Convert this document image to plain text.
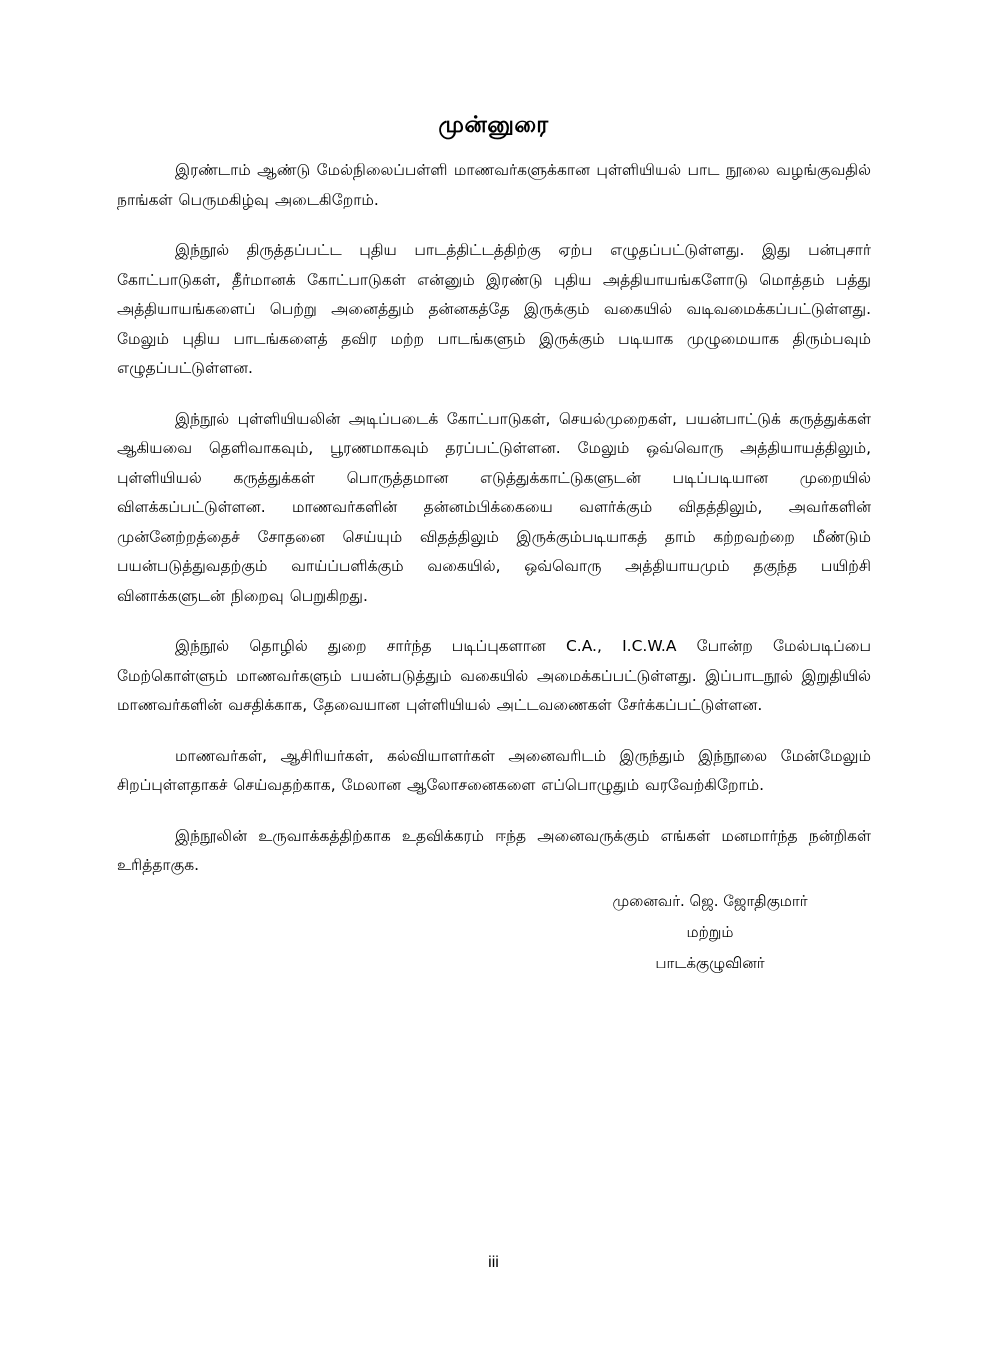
முன்னுரை

இரண்டாம் ஆண்டு மேல்நிலைப்பள்ளி மாணவர்களுக்கான புள்ளியியல் பாட நூலை வழங்குவதில் நாங்கள் பெருமகிழ்வு அடைகிறோம்.

இந்நூல் திருத்தப்பட்ட புதிய பாடத்திட்டத்திற்கு ஏற்ப எழுதப்பட்டுள்ளது. இது பன்புசார் கோட்பாடுகள், தீர்மானக் கோட்பாடுகள் என்னும் இரண்டு புதிய அத்தியாயங்களோடு மொத்தம் பத்து அத்தியாயங்களைப் பெற்று அனைத்தும் தன்னகத்தே இருக்கும் வகையில் வடிவமைக்கப்பட்டுள்ளது. மேலும் புதிய பாடங்களைத் தவிர மற்ற பாடங்களும் இருக்கும் படியாக முழுமையாக திரும்பவும் எழுதப்பட்டுள்ளன.

இந்நூல் புள்ளியியலின் அடிப்படைக் கோட்பாடுகள், செயல்முறைகள், பயன்பாட்டுக் கருத்துக்கள் ஆகியவை தெளிவாகவும், பூரணமாகவும் தரப்பட்டுள்ளன. மேலும் ஒவ்வொரு அத்தியாயத்திலும், புள்ளியியல் கருத்துக்கள் பொருத்தமான எடுத்துக்காட்டுகளுடன் படிப்படியான முறையில் விளக்கப்பட்டுள்ளன. மாணவர்களின் தன்னம்பிக்கையை வளர்க்கும் விதத்திலும், அவர்களின் முன்னேற்றத்தைச் சோதனை செய்யும் விதத்திலும் இருக்கும்படியாகத் தாம் கற்றவற்றை மீண்டும் பயன்படுத்துவதற்கும் வாய்ப்பளிக்கும் வகையில், ஒவ்வொரு அத்தியாயமும் தகுந்த பயிற்சி வினாக்களுடன் நிறைவு பெறுகிறது.

இந்நூல் தொழில் துறை சார்ந்த படிப்புகளான C.A., I.C.W.A போன்ற மேல்படிப்பை மேற்கொள்ளும் மாணவர்களும் பயன்படுத்தும் வகையில் அமைக்கப்பட்டுள்ளது. இப்பாடநூல் இறுதியில் மாணவர்களின் வசதிக்காக, தேவையான புள்ளியியல் அட்டவணைகள் சேர்க்கப்பட்டுள்ளன.

மாணவர்கள், ஆசிரியர்கள், கல்வியாளர்கள் அனைவரிடம் இருந்தும் இந்நூலை மேன்மேலும் சிறப்புள்ளதாகச் செய்வதற்காக, மேலான ஆலோசனைகளை எப்பொழுதும் வரவேற்கிறோம்.

இந்நூலின் உருவாக்கத்திற்காக உதவிக்கரம் ஈந்த அனைவருக்கும் எங்கள் மனமார்ந்த நன்றிகள் உரித்தாகுக.

முனைவர். ஜெ. ஜோதிகுமார்
மற்றும்
பாடக்குழுவினர்
iii
